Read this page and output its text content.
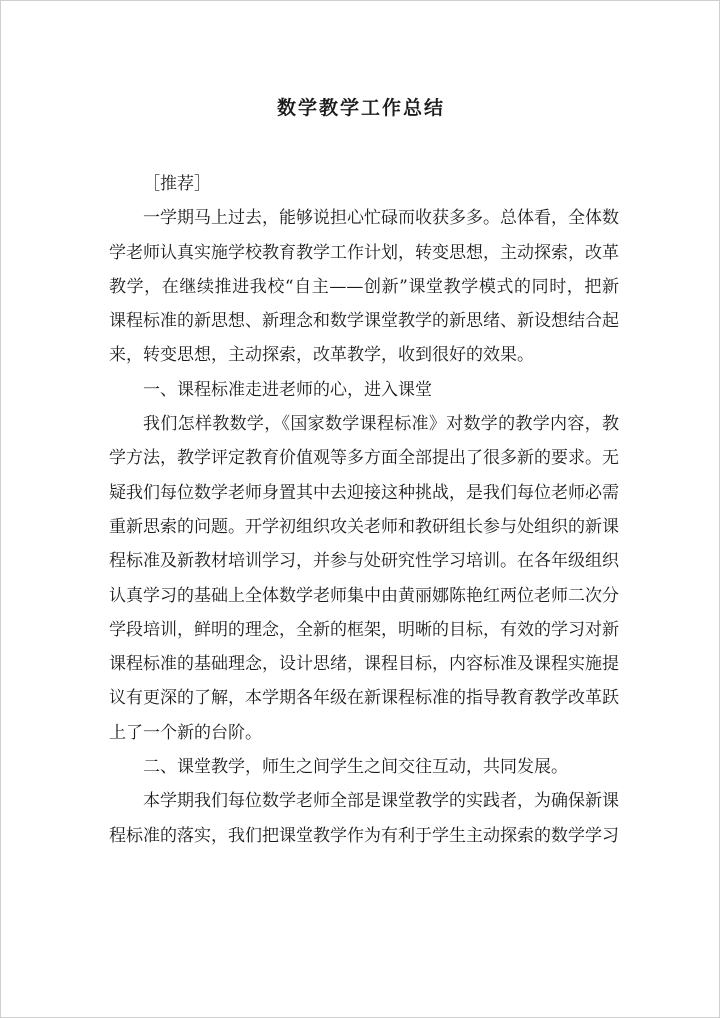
数学教学工作总结

［推荐］

一学期马上过去，能够说担心忙碌而收获多多。总体看，全体数学老师认真实施学校教育教学工作计划，转变思想，主动探索，改革教学，在继续推进我校“自主——创新”课堂教学模式的同时，把新课程标准的新思想、新理念和数学课堂教学的新思绪、新设想结合起来，转变思想，主动探索，改革教学，收到很好的效果。

一、课程标准走进老师的心，进入课堂

我们怎样教数学，《国家数学课程标准》对数学的教学内容，教学方法，教学评定教育价值观等多方面全部提出了很多新的要求。无疑我们每位数学老师身置其中去迎接这种挑战，是我们每位老师必需重新思索的问题。开学初组织攻关老师和教研组长参与处组织的新课程标准及新教材培训学习，并参与处研究性学习培训。在各年级组织认真学习的基础上全体数学老师集中由黄丽娜陈艳红两位老师二次分学段培训，鲜明的理念，全新的框架，明晰的目标，有效的学习对新课程标准的基础理念，设计思绪，课程目标，内容标准及课程实施提议有更深的了解，本学期各年级在新课程标准的指导教育教学改革跃上了一个新的台阶。

二、课堂教学，师生之间学生之间交往互动，共同发展。

本学期我们每位数学老师全部是课堂教学的实践者，为确保新课程标准的落实，我们把课堂教学作为有利于学生主动探索的数学学习
